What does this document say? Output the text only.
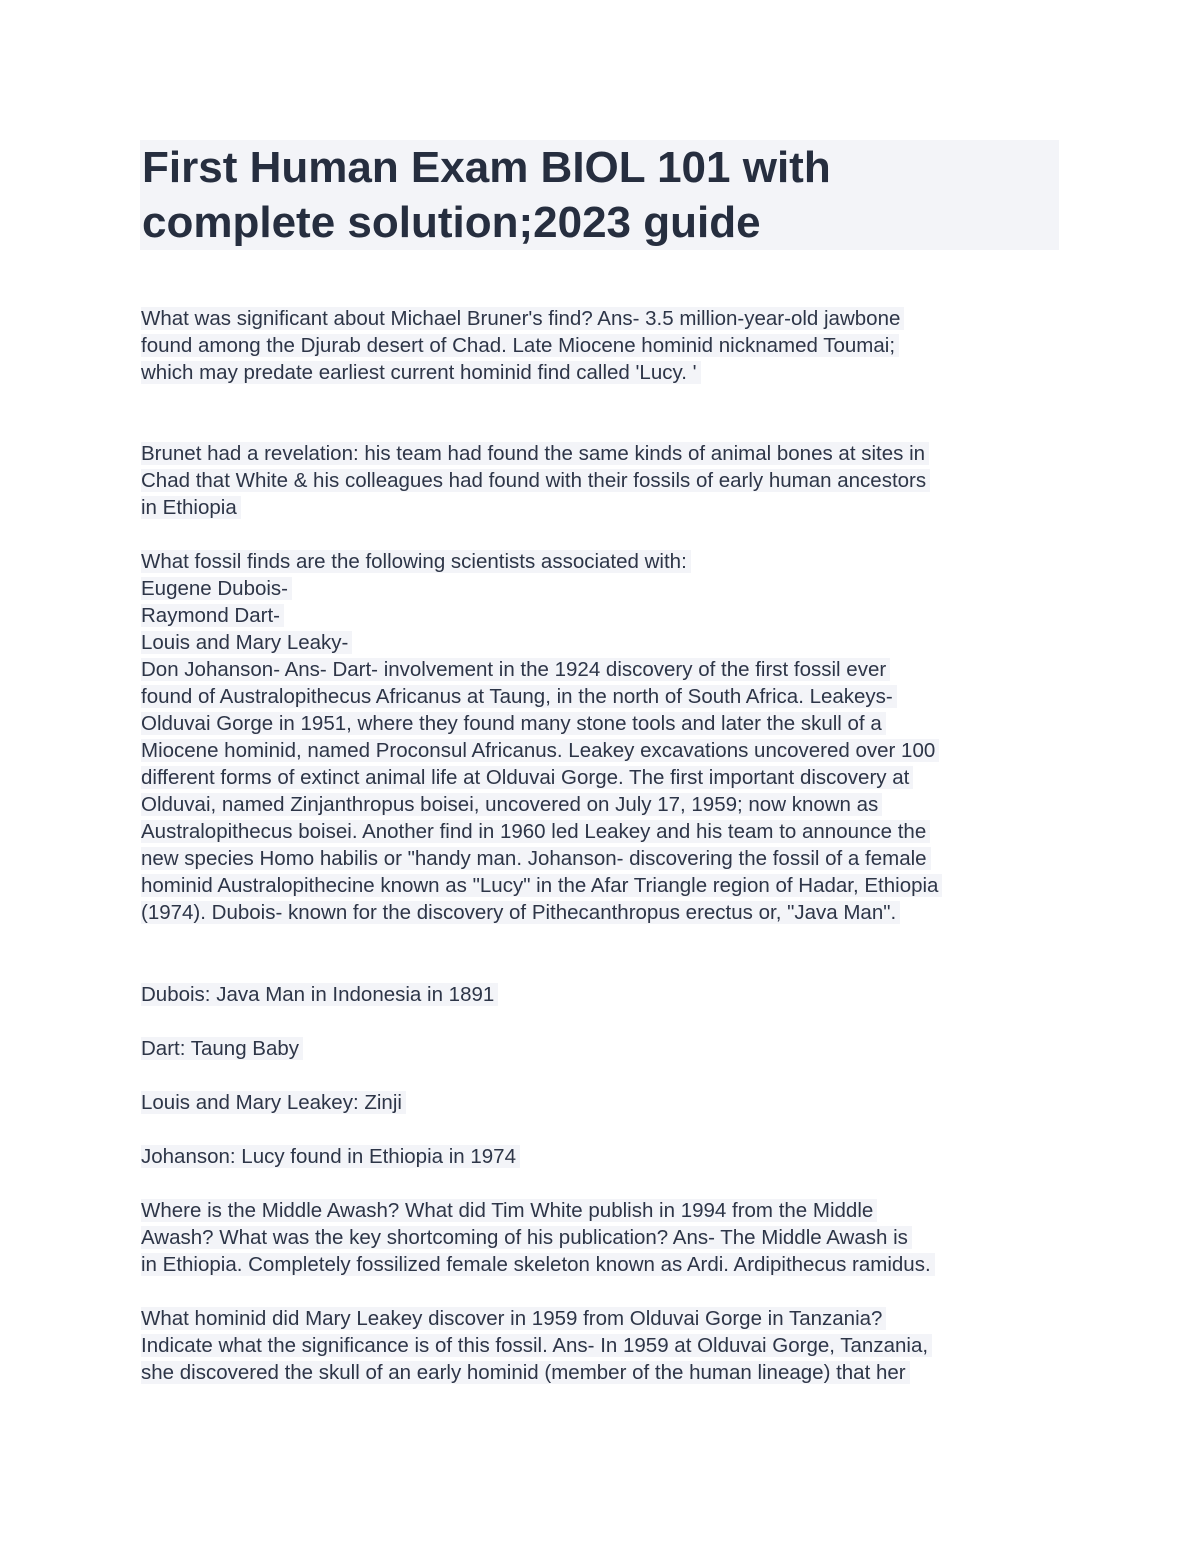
First Human Exam BIOL 101 with
complete solution;2023 guide
What was significant about Michael Bruner's find? Ans- 3.5 million-year-old jawbone
found among the Djurab desert of Chad. Late Miocene hominid nicknamed Toumai;
which may predate earliest current hominid find called 'Lucy. '
Brunet had a revelation: his team had found the same kinds of animal bones at sites in
Chad that White & his colleagues had found with their fossils of early human ancestors
in Ethiopia
What fossil finds are the following scientists associated with:
Eugene Dubois-
Raymond Dart-
Louis and Mary Leaky-
Don Johanson- Ans- Dart- involvement in the 1924 discovery of the first fossil ever
found of Australopithecus Africanus at Taung, in the north of South Africa. Leakeys-
Olduvai Gorge in 1951, where they found many stone tools and later the skull of a
Miocene hominid, named Proconsul Africanus. Leakey excavations uncovered over 100
different forms of extinct animal life at Olduvai Gorge. The first important discovery at
Olduvai, named Zinjanthropus boisei, uncovered on July 17, 1959; now known as
Australopithecus boisei. Another find in 1960 led Leakey and his team to announce the
new species Homo habilis or "handy man. Johanson- discovering the fossil of a female
hominid Australopithecine known as "Lucy" in the Afar Triangle region of Hadar, Ethiopia
(1974). Dubois- known for the discovery of Pithecanthropus erectus or, "Java Man".
Dubois: Java Man in Indonesia in 1891
Dart: Taung Baby
Louis and Mary Leakey: Zinji
Johanson: Lucy found in Ethiopia in 1974
Where is the Middle Awash? What did Tim White publish in 1994 from the Middle
Awash? What was the key shortcoming of his publication? Ans- The Middle Awash is
in Ethiopia. Completely fossilized female skeleton known as Ardi. Ardipithecus ramidus.
What hominid did Mary Leakey discover in 1959 from Olduvai Gorge in Tanzania?
Indicate what the significance is of this fossil. Ans- In 1959 at Olduvai Gorge, Tanzania,
she discovered the skull of an early hominid (member of the human lineage) that her
